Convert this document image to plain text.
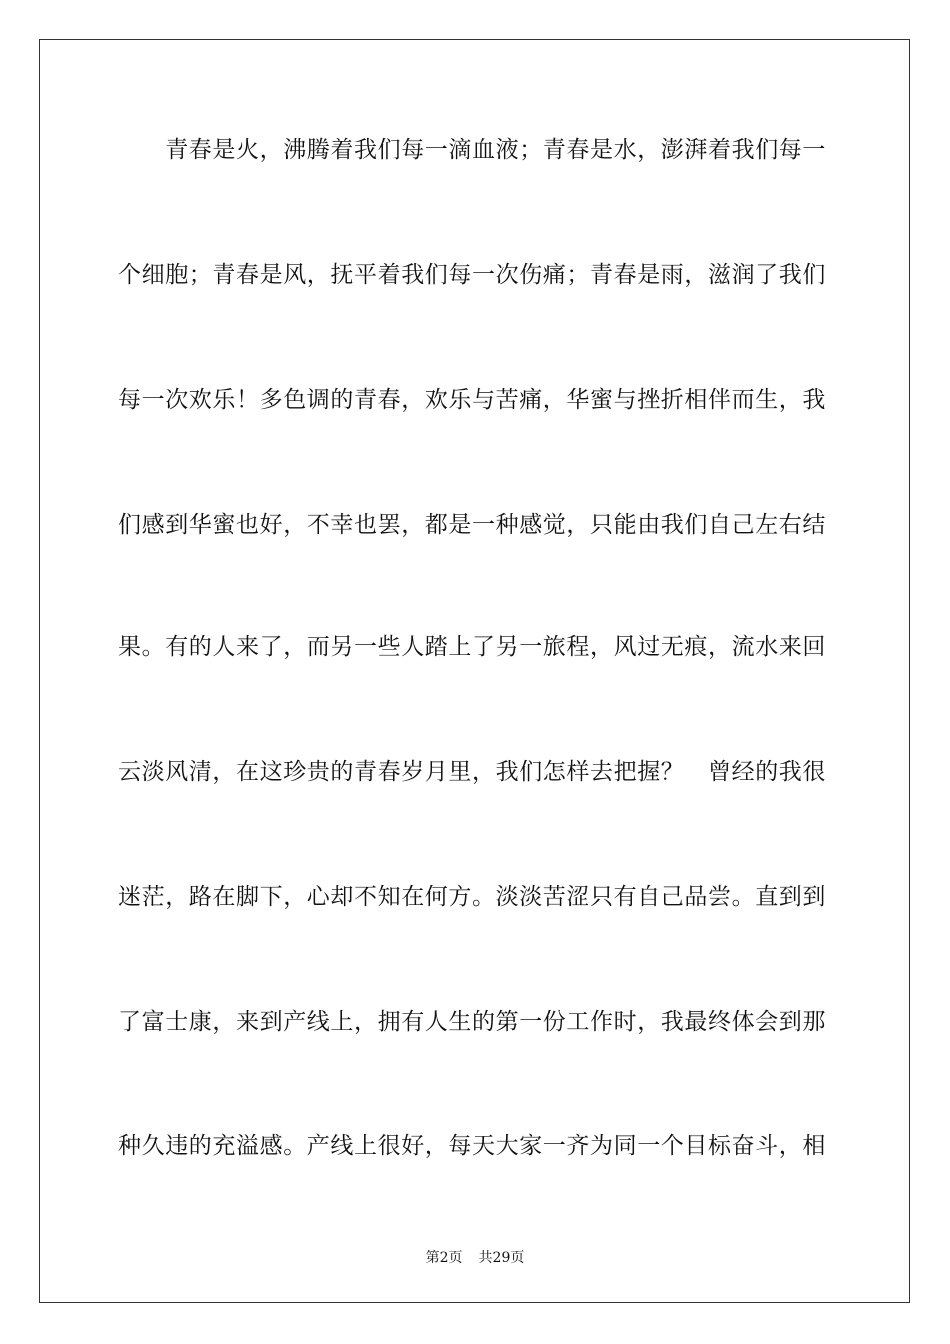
　　青春是火，沸腾着我们每一滴血液；青春是水，澎湃着我们每一
个细胞；青春是风，抚平着我们每一次伤痛；青春是雨，滋润了我们
每一次欢乐！多色调的青春，欢乐与苦痛，华蜜与挫折相伴而生，我
们感到华蜜也好，不幸也罢，都是一种感觉，只能由我们自己左右结
果。有的人来了，而另一些人踏上了另一旅程，风过无痕，流水来回
云淡风清，在这珍贵的青春岁月里，我们怎样去把握？　曾经的我很
迷茫，路在脚下，心却不知在何方。淡淡苦涩只有自己品尝。直到到
了富士康，来到产线上，拥有人生的第一份工作时，我最终体会到那
种久违的充溢感。产线上很好，每天大家一齐为同一个目标奋斗，相
第2页 共29页
